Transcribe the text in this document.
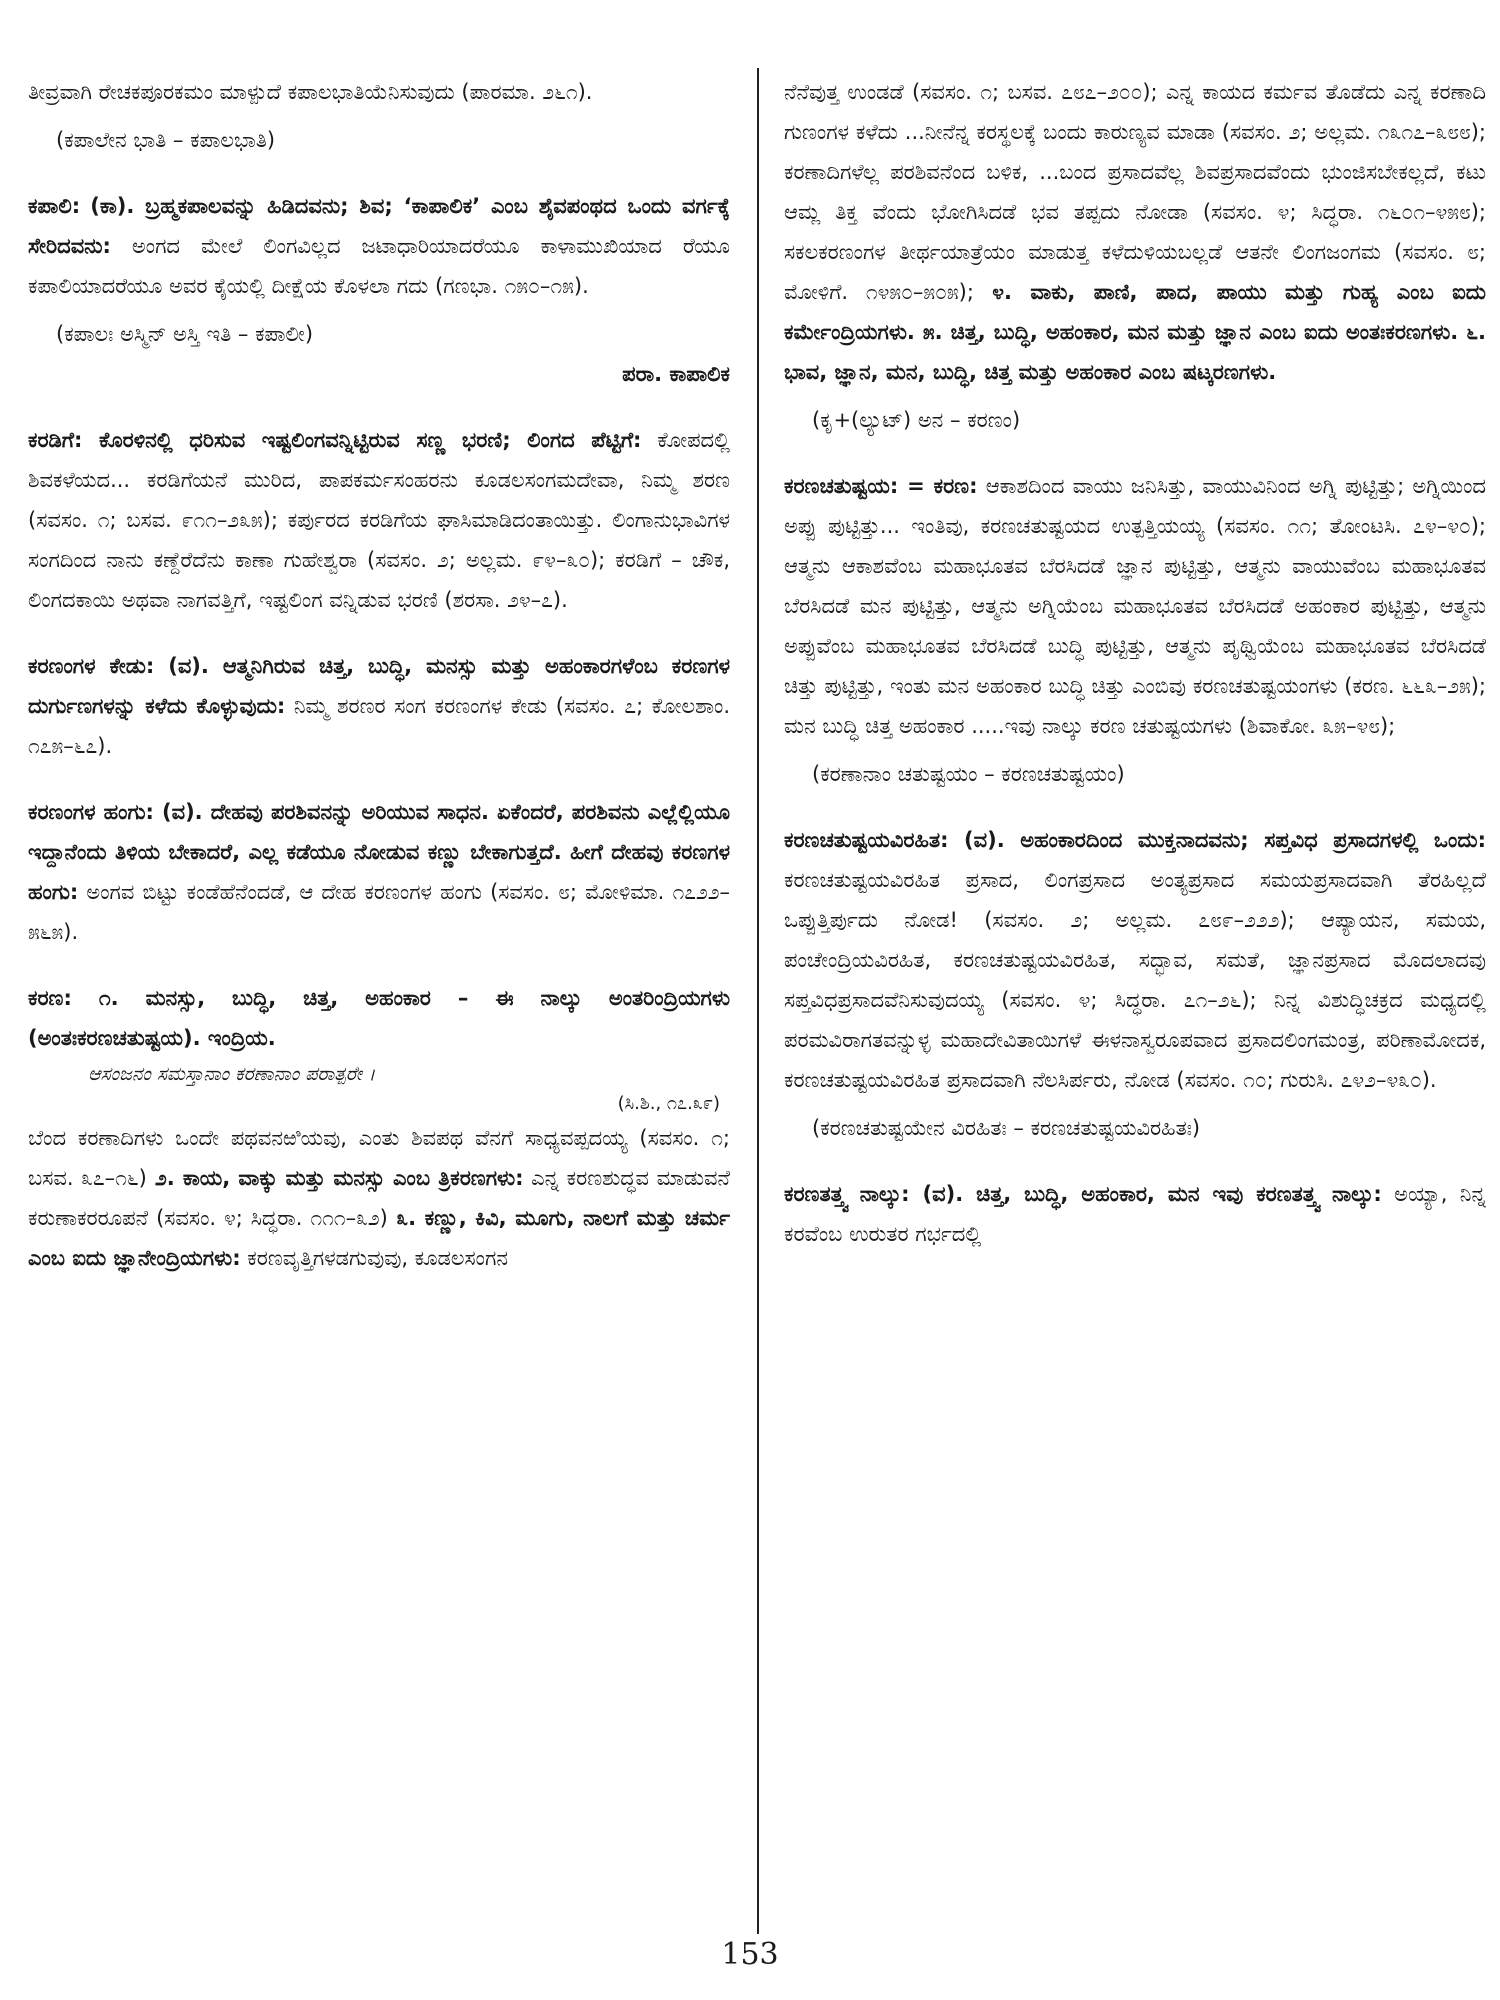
ತೀವ್ರವಾಗಿ ರೇಚಕಪೂರಕಮಂ ಮಾಳ್ಪುದೆ ಕಪಾಲಭಾತಿಯೆನಿಸುವುದು (ಪಾರಮಾ. ೨೬೧).

(ಕಪಾಲೇನ ಭಾತಿ – ಕಪಾಲಭಾತಿ)

ಕಪಾಲಿ: (ಕಾ). ಬ್ರಹ್ಮಕಪಾಲವನ್ನು ಹಿಡಿದವನು; ಶಿವ; ‘ಕಾಪಾಲಿಕ’ ಎಂಬ ಶೈವಪಂಥದ ಒಂದು ವರ್ಗಕ್ಕೆ ಸೇರಿದವನು: ಅಂಗದ ಮೇಲೆ ಲಿಂಗವಿಲ್ಲದ ಜಟಾಧಾರಿಯಾದರೆಯೂ ಕಾಳಾಮುಖಿಯಾದ ರೆಯೂ ಕಪಾಲಿಯಾದರೆಯೂ ಅವರ ಕೈಯಲ್ಲಿ ದೀಕ್ಷೆಯ ಕೊಳಲಾ ಗದು (ಗಣಭಾ. ೧೫೦–೧೫).

(ಕಪಾಲಃ ಅಸ್ಮಿನ್ ಅಸ್ತಿ ಇತಿ – ಕಪಾಲೀ)

ಪರಾ. ಕಾಪಾಲಿಕ

ಕರಡಿಗೆ: ಕೊರಳಿನಲ್ಲಿ ಧರಿಸುವ ಇಷ್ಟಲಿಂಗವನ್ನಿಟ್ಟಿರುವ ಸಣ್ಣ ಭರಣಿ; ಲಿಂಗದ ಪೆಟ್ಟಿಗೆ: ಕೋಪದಲ್ಲಿ ಶಿವಕಳೆಯದ... ಕರಡಿಗೆಯನೆ ಮುರಿದ, ಪಾಪಕರ್ಮಸಂಹರನು ಕೂಡಲಸಂಗಮದೇವಾ, ನಿಮ್ಮ ಶರಣ (ಸವಸಂ. ೧; ಬಸವ. ೯೧೧–೨೩೫); ಕರ್ಪುರದ ಕರಡಿಗೆಯ ಘಾಸಿಮಾಡಿದಂತಾಯಿತ್ತು. ಲಿಂಗಾನುಭಾವಿಗಳ ಸಂಗದಿಂದ ನಾನು ಕಣ್ದೆರೆದೆನು ಕಾಣಾ ಗುಹೇಶ್ವರಾ (ಸವಸಂ. ೨; ಅಲ್ಲಮ. ೯೪–೩೦); ಕರಡಿಗೆ – ಚೌಕ, ಲಿಂಗದಕಾಯಿ ಅಥವಾ ನಾಗವತ್ತಿಗೆ, ಇಷ್ಟಲಿಂಗ ವನ್ನಿಡುವ ಭರಣಿ (ಶರಸಾ. ೨೪–೭).

ಕರಣಂಗಳ ಕೇಡು: (ವ). ಆತ್ಮನಿಗಿರುವ ಚಿತ್ತ, ಬುದ್ಧಿ, ಮನಸ್ಸು ಮತ್ತು ಅಹಂಕಾರಗಳೆಂಬ ಕರಣಗಳ ದುರ್ಗುಣಗಳನ್ನು ಕಳೆದು ಕೊಳ್ಳುವುದು: ನಿಮ್ಮ ಶರಣರ ಸಂಗ ಕರಣಂಗಳ ಕೇಡು (ಸವಸಂ. ೭; ಕೋಲಶಾಂ. ೧೭೫–೬೭).

ಕರಣಂಗಳ ಹಂಗು: (ವ). ದೇಹವು ಪರಶಿವನನ್ನು ಅರಿಯುವ ಸಾಧನ. ಏಕೆಂದರೆ, ಪರಶಿವನು ಎಲ್ಲೆಲ್ಲಿಯೂ ಇದ್ದಾನೆಂದು ತಿಳಿಯ ಬೇಕಾದರೆ, ಎಲ್ಲ ಕಡೆಯೂ ನೋಡುವ ಕಣ್ಣು ಬೇಕಾಗುತ್ತದೆ. ಹೀಗೆ ದೇಹವು ಕರಣಗಳ ಹಂಗು: ಅಂಗವ ಬಿಟ್ಟು ಕಂಡೆಹೆನೆಂದಡೆ, ಆ ದೇಹ ಕರಣಂಗಳ ಹಂಗು (ಸವಸಂ. ೮; ಮೋಳಿಮಾ. ೧೭೨೨–೫೬೫).

ಕರಣ: ೧. ಮನಸ್ಸು, ಬುದ್ಧಿ, ಚಿತ್ತ, ಅಹಂಕಾರ – ಈ ನಾಲ್ಕು ಅಂತರಿಂದ್ರಿಯಗಳು (ಅಂತಃಕರಣಚತುಷ್ಟಯ). ಇಂದ್ರಿಯ.

ಆಸಂಜನಂ ಸಮಸ್ತಾನಾಂ ಕರಣಾನಾಂ ಪರಾತ್ಪರೇ ।

(ಸಿ.ಶಿ., ೧೭.೩೯)

ಬೆಂದ ಕರಣಾದಿಗಳು ಒಂದೇ ಪಥವನಱಿಯವು, ಎಂತು ಶಿವಪಥ ವೆನಗೆ ಸಾಧ್ಯವಪ್ಪದಯ್ಯ (ಸವಸಂ. ೧; ಬಸವ. ೩೭–೧೬) ೨. ಕಾಯ, ವಾಕ್ಕು ಮತ್ತು ಮನಸ್ಸು ಎಂಬ ತ್ರಿಕರಣಗಳು: ಎನ್ನ ಕರಣಶುದ್ಧವ ಮಾಡುವನೆ ಕರುಣಾಕರರೂಪನೆ (ಸವಸಂ. ೪; ಸಿದ್ಧರಾ. ೧೧೧–೩೨) ೩. ಕಣ್ಣು, ಕಿವಿ, ಮೂಗು, ನಾಲಗೆ ಮತ್ತು ಚರ್ಮ ಎಂಬ ಐದು ಜ್ಞಾನೇಂದ್ರಿಯಗಳು: ಕರಣವೃತ್ತಿಗಳಡಗುವುವು, ಕೂಡಲಸಂಗನ

ನೆನೆವುತ್ತ ಉಂಡಡೆ (ಸವಸಂ. ೧; ಬಸವ. ೭೮೭–೨೦೦); ಎನ್ನ ಕಾಯದ ಕರ್ಮವ ತೊಡೆದು ಎನ್ನ ಕರಣಾದಿ ಗುಣಂಗಳ ಕಳೆದು ...ನೀನೆನ್ನ ಕರಸ್ಥಲಕ್ಕೆ ಬಂದು ಕಾರುಣ್ಯವ ಮಾಡಾ (ಸವಸಂ. ೨; ಅಲ್ಲಮ. ೧೩೧೭–೩೮೮); ಕರಣಾದಿಗಳೆಲ್ಲ ಪರಶಿವನೆಂದ ಬಳಿಕ, ...ಬಂದ ಪ್ರಸಾದವೆಲ್ಲ ಶಿವಪ್ರಸಾದವೆಂದು ಭುಂಜಿಸಬೇಕಲ್ಲದೆ, ಕಟು ಆಮ್ಲ ತಿಕ್ತ ವೆಂದು ಭೋಗಿಸಿದಡೆ ಭವ ತಪ್ಪದು ನೋಡಾ (ಸವಸಂ. ೪; ಸಿದ್ಧರಾ. ೧೬೦೧–೪೫೮); ಸಕಲಕರಣಂಗಳ ತೀರ್ಥಯಾತ್ರೆಯಂ ಮಾಡುತ್ತ ಕಳೆದುಳಿಯಬಲ್ಲಡೆ ಆತನೇ ಲಿಂಗಜಂಗಮ (ಸವಸಂ. ೮; ಮೋಳಿಗೆ. ೧೪೫೦–೫೦೫); ೪. ವಾಕು, ಪಾಣಿ, ಪಾದ, ಪಾಯು ಮತ್ತು ಗುಹ್ಯ ಎಂಬ ಐದು ಕರ್ಮೇಂದ್ರಿಯಗಳು. ೫. ಚಿತ್ತ, ಬುದ್ಧಿ, ಅಹಂಕಾರ, ಮನ ಮತ್ತು ಜ್ಞಾನ ಎಂಬ ಐದು ಅಂತಃಕರಣಗಳು. ೬. ಭಾವ, ಜ್ಞಾನ, ಮನ, ಬುದ್ಧಿ, ಚಿತ್ತ ಮತ್ತು ಅಹಂಕಾರ ಎಂಬ ಷಟ್ಕರಣಗಳು.

(ಕೃ+(ಲ್ಯುಟ್) ಅನ – ಕರಣಂ)

ಕರಣಚತುಷ್ಟಯ: = ಕರಣ: ಆಕಾಶದಿಂದ ವಾಯು ಜನಿಸಿತ್ತು, ವಾಯುವಿನಿಂದ ಅಗ್ನಿ ಪುಟ್ಟಿತ್ತು; ಅಗ್ನಿಯಿಂದ ಅಪ್ಪು ಪುಟ್ಟಿತ್ತು... ಇಂತಿವು, ಕರಣಚತುಷ್ಟಯದ ಉತ್ಪತ್ತಿಯಯ್ಯ (ಸವಸಂ. ೧೧; ತೋಂಟಸಿ. ೭೪–೪೦); ಆತ್ಮನು ಆಕಾಶವೆಂಬ ಮಹಾಭೂತವ ಬೆರಸಿದಡೆ ಜ್ಞಾನ ಪುಟ್ಟಿತ್ತು, ಆತ್ಮನು ವಾಯುವೆಂಬ ಮಹಾಭೂತವ ಬೆರಸಿದಡೆ ಮನ ಪುಟ್ಟಿತ್ತು, ಆತ್ಮನು ಅಗ್ನಿಯೆಂಬ ಮಹಾಭೂತವ ಬೆರಸಿದಡೆ ಅಹಂಕಾರ ಪುಟ್ಟಿತ್ತು, ಆತ್ಮನು ಅಪ್ಪುವೆಂಬ ಮಹಾಭೂತವ ಬೆರಸಿದಡೆ ಬುದ್ಧಿ ಪುಟ್ಟಿತ್ತು, ಆತ್ಮನು ಪೃಥ್ವಿಯೆಂಬ ಮಹಾಭೂತವ ಬೆರಸಿದಡೆ ಚಿತ್ತು ಪುಟ್ಟಿತ್ತು, ಇಂತು ಮನ ಅಹಂಕಾರ ಬುದ್ಧಿ ಚಿತ್ತು ಎಂಬಿವು ಕರಣಚತುಷ್ಟಯಂಗಳು (ಕರಣ. ೬೬೩–೨೫); ಮನ ಬುದ್ಧಿ ಚಿತ್ತ ಅಹಂಕಾರ .....ಇವು ನಾಲ್ಕು ಕರಣ ಚತುಷ್ಟಯಗಳು (ಶಿವಾಕೋ. ೩೫–೪೮);

(ಕರಣಾನಾಂ ಚತುಷ್ಟಯಂ – ಕರಣಚತುಷ್ಟಯಂ)

ಕರಣಚತುಷ್ಟಯವಿರಹಿತ: (ವ). ಅಹಂಕಾರದಿಂದ ಮುಕ್ತನಾದವನು; ಸಪ್ತವಿಧ ಪ್ರಸಾದಗಳಲ್ಲಿ ಒಂದು: ಕರಣಚತುಷ್ಟಯವಿರಹಿತ ಪ್ರಸಾದ, ಲಿಂಗಪ್ರಸಾದ ಅಂತ್ಯಪ್ರಸಾದ ಸಮಯಪ್ರಸಾದವಾಗಿ ತೆರಹಿಲ್ಲದೆ ಒಪ್ಪುತ್ತಿರ್ಪುದು ನೋಡ! (ಸವಸಂ. ೨; ಅಲ್ಲಮ. ೭೮೯–೨೨೨); ಆಪ್ಯಾಯನ, ಸಮಯ, ಪಂಚೇಂದ್ರಿಯವಿರಹಿತ, ಕರಣಚತುಷ್ಟಯವಿರಹಿತ, ಸದ್ಭಾವ, ಸಮತೆ, ಜ್ಞಾನಪ್ರಸಾದ ಮೊದಲಾದವು ಸಪ್ತವಿಧಪ್ರಸಾದವೆನಿಸುವುದಯ್ಯ (ಸವಸಂ. ೪; ಸಿದ್ಧರಾ. ೭೧–೨೬); ನಿನ್ನ ವಿಶುದ್ಧಿಚಕ್ರದ ಮಧ್ಯದಲ್ಲಿ ಪರಮವಿರಾಗತವನ್ನುಳ್ಳ ಮಹಾದೇವಿತಾಯಿಗಳೆ ಈಳನಾಸ್ವರೂಪವಾದ ಪ್ರಸಾದಲಿಂಗಮಂತ್ರ, ಪರಿಣಾಮೋದಕ, ಕರಣಚತುಷ್ಟಯವಿರಹಿತ ಪ್ರಸಾದವಾಗಿ ನೆಲಸಿರ್ಪರು, ನೋಡ (ಸವಸಂ. ೧೦; ಗುರುಸಿ. ೭೪೨–೪೩೦).

(ಕರಣಚತುಷ್ಟಯೇನ ವಿರಹಿತಃ – ಕರಣಚತುಷ್ಟಯವಿರಹಿತಃ)

ಕರಣತತ್ತ್ವ ನಾಲ್ಕು: (ವ). ಚಿತ್ತ, ಬುದ್ಧಿ, ಅಹಂಕಾರ, ಮನ ಇವು ಕರಣತತ್ತ್ವ ನಾಲ್ಕು: ಅಯ್ಯಾ, ನಿನ್ನ ಕರವೆಂಬ ಉರುತರ ಗರ್ಭದಲ್ಲಿ

153
